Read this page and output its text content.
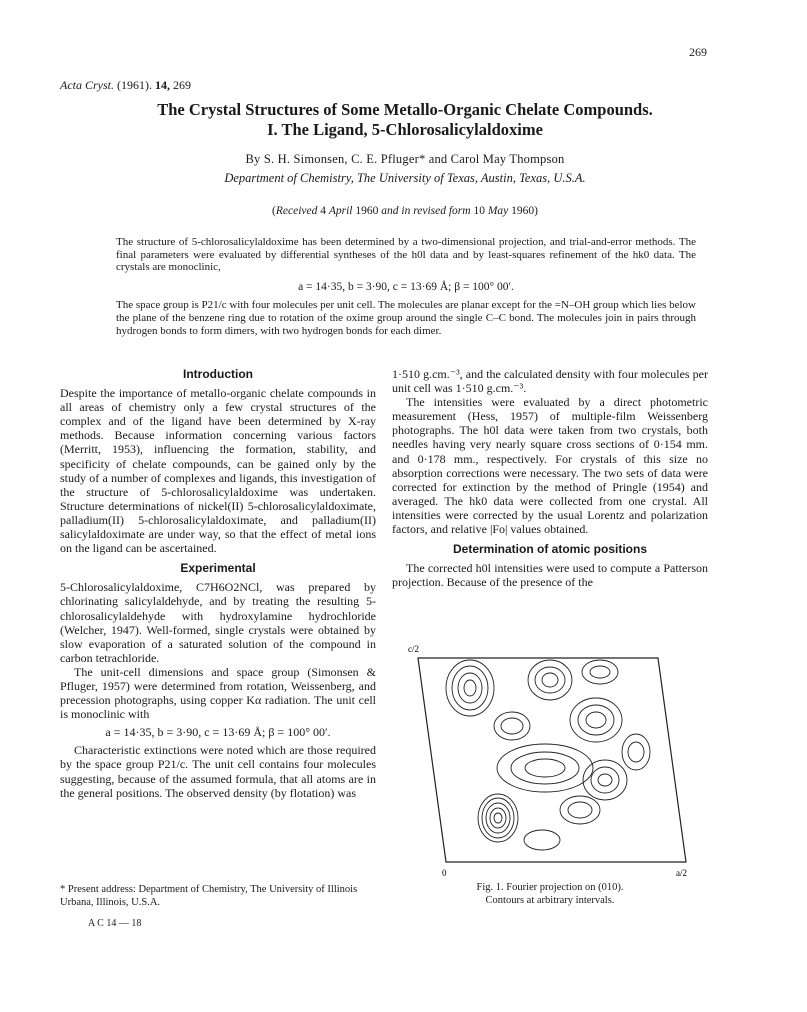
269
Acta Cryst. (1961). 14, 269
The Crystal Structures of Some Metallo-Organic Chelate Compounds.
I. The Ligand, 5-Chlorosalicylaldoxime
By S. H. Simonsen, C. E. Pfluger* and Carol May Thompson
Department of Chemistry, The University of Texas, Austin, Texas, U.S.A.
(Received 4 April 1960 and in revised form 10 May 1960)

The structure of 5-chlorosalicylaldoxime has been determined by a two-dimensional projection, and trial-and-error methods. The final parameters were evaluated by differential syntheses of the h0l data and by least-squares refinement of the hk0 data. The crystals are monoclinic,

a = 14·35, b = 3·90, c = 13·69 Å; β = 100° 00′.

The space group is P21/c with four molecules per unit cell. The molecules are planar except for the =N–OH group which lies below the plane of the benzene ring due to rotation of the oxime group around the single C–C bond. The molecules join in pairs through hydrogen bonds to form dimers, with two hydrogen bonds for each dimer.

Introduction

Despite the importance of metallo-organic chelate compounds in all areas of chemistry only a few crystal structures of the complex and of the ligand have been determined by X-ray methods. Because information concerning various factors (Merritt, 1953), influencing the formation, stability, and specificity of chelate compounds, can be gained only by the study of a number of complexes and ligands, this investigation of the structure of 5-chlorosalicylaldoxime was undertaken. Structure determinations of nickel(II) 5-chlorosalicylaldoximate, palladium(II) 5-chlorosalicylaldoximate, and palladium(II) salicylaldoximate are under way, so that the effect of metal ions on the ligand can be ascertained.

Experimental

5-Chlorosalicylaldoxime, C7H6O2NCl, was prepared by chlorinating salicylaldehyde, and by treating the resulting 5-chlorosalicylaldehyde with hydroxylamine hydrochloride (Welcher, 1947). Well-formed, single crystals were obtained by slow evaporation of a saturated solution of the compound in carbon tetrachloride.

The unit-cell dimensions and space group (Simonsen & Pfluger, 1957) were determined from rotation, Weissenberg, and precession photographs, using copper Kα radiation. The unit cell is monoclinic with

a = 14·35, b = 3·90, c = 13·69 Å; β = 100° 00′.

Characteristic extinctions were noted which are those required by the space group P21/c. The unit cell contains four molecules suggesting, because of the assumed formula, that all atoms are in the general positions. The observed density (by flotation) was

1·510 g.cm.⁻³, and the calculated density with four molecules per unit cell was 1·510 g.cm.⁻³.

The intensities were evaluated by a direct photometric measurement (Hess, 1957) of multiple-film Weissenberg photographs. The h0l data were taken from two crystals, both needles having very nearly square cross sections of 0·154 mm. and 0·178 mm., respectively. For crystals of this size no absorption corrections were necessary. The two sets of data were corrected for extinction by the method of Pringle (1954) and averaged. The hk0 data were collected from one crystal. All intensities were corrected by the usual Lorentz and polarization factors, and relative |Fo| values obtained.

Determination of atomic positions

The corrected h0l intensities were used to compute a Patterson projection. Because of the presence of the

c/2
0	a/2
Fig. 1. Fourier projection on (010).
Contours at arbitrary intervals.
* Present address: Department of Chemistry, The University of Illinois Urbana, Illinois, U.S.A.
A C 14 — 18
